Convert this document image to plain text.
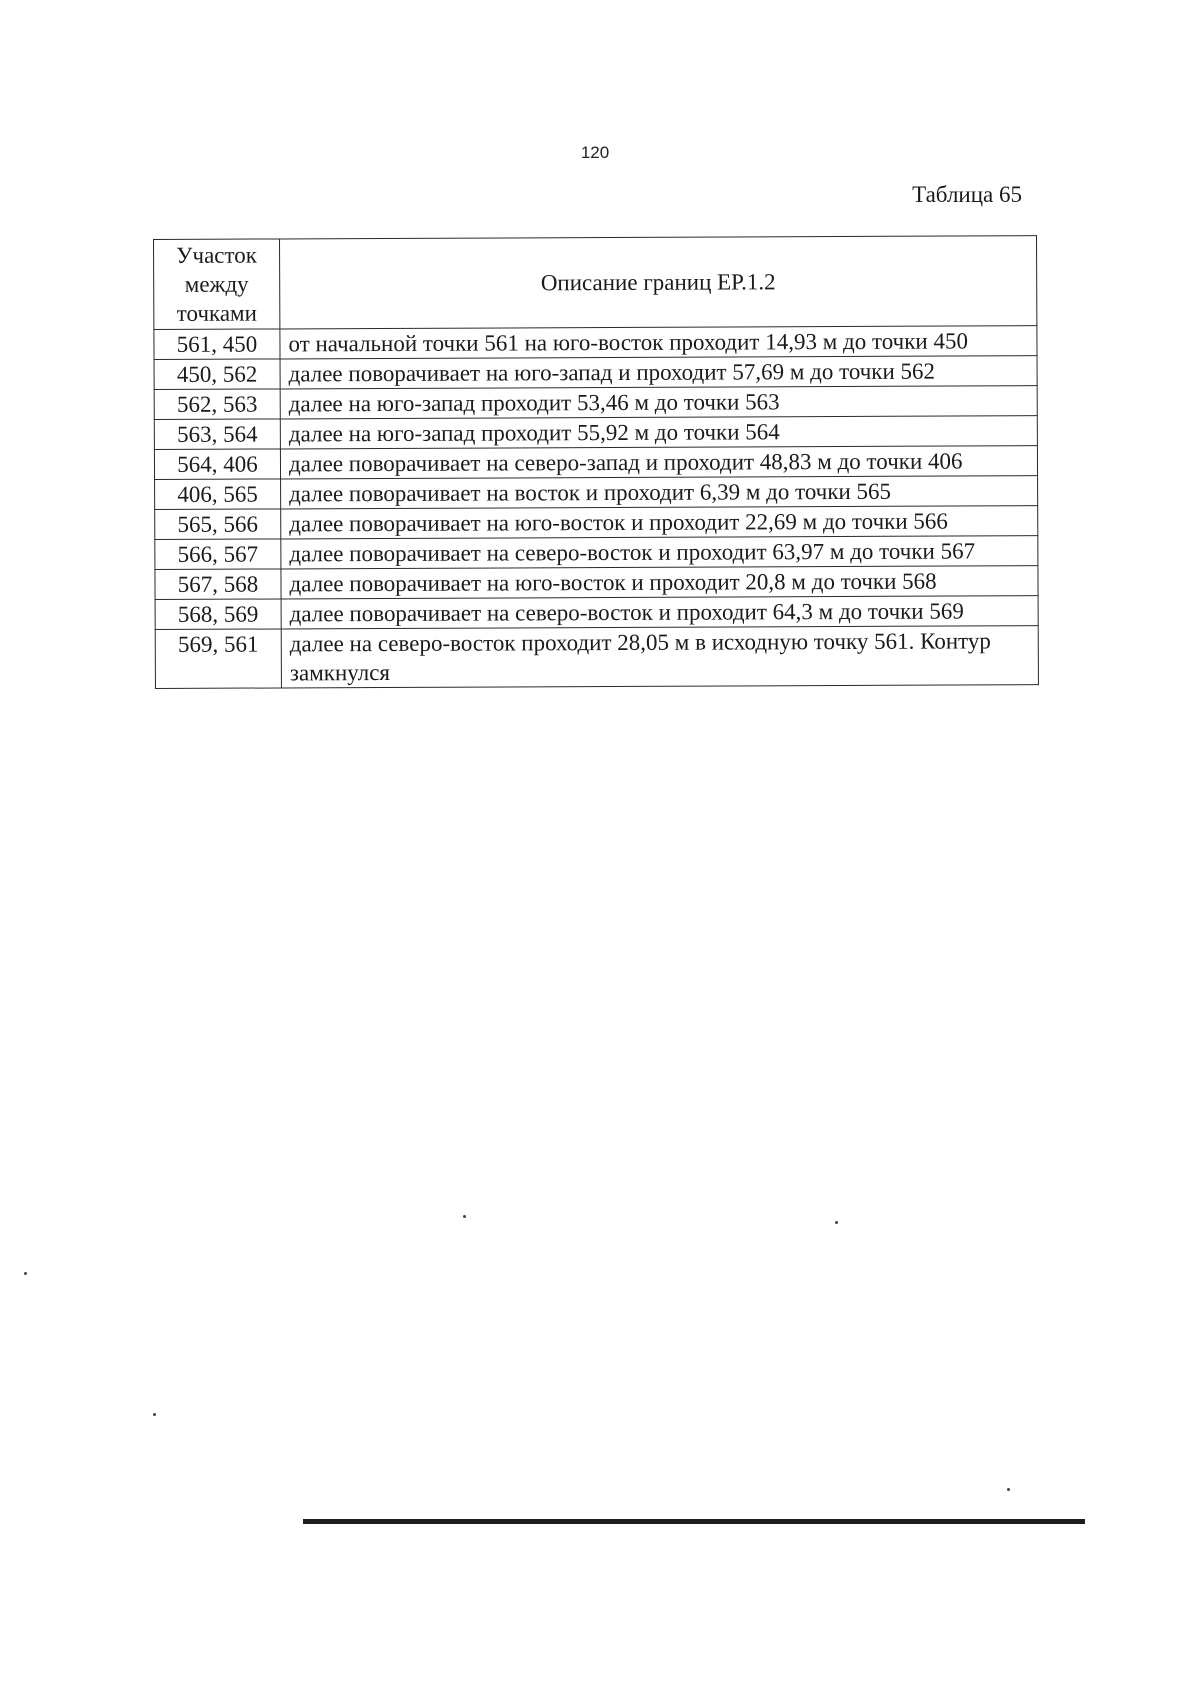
120
Таблица 65
Участок между точками	Описание границ ЕР.1.2
561, 450	от начальной точки 561 на юго-восток проходит 14,93 м до точки 450
450, 562	далее поворачивает на юго-запад и проходит 57,69 м до точки 562
562, 563	далее на юго-запад проходит 53,46 м до точки 563
563, 564	далее на юго-запад проходит 55,92 м до точки 564
564, 406	далее поворачивает на северо-запад и проходит 48,83 м до точки 406
406, 565	далее поворачивает на восток и проходит 6,39 м до точки 565
565, 566	далее поворачивает на юго-восток и проходит 22,69 м до точки 566
566, 567	далее поворачивает на северо-восток и проходит 63,97 м до точки 567
567, 568	далее поворачивает на юго-восток и проходит 20,8 м до точки 568
568, 569	далее поворачивает на северо-восток и проходит 64,3 м до точки 569
569, 561	далее на северо-восток проходит 28,05 м в исходную точку 561. Контур замкнулся
